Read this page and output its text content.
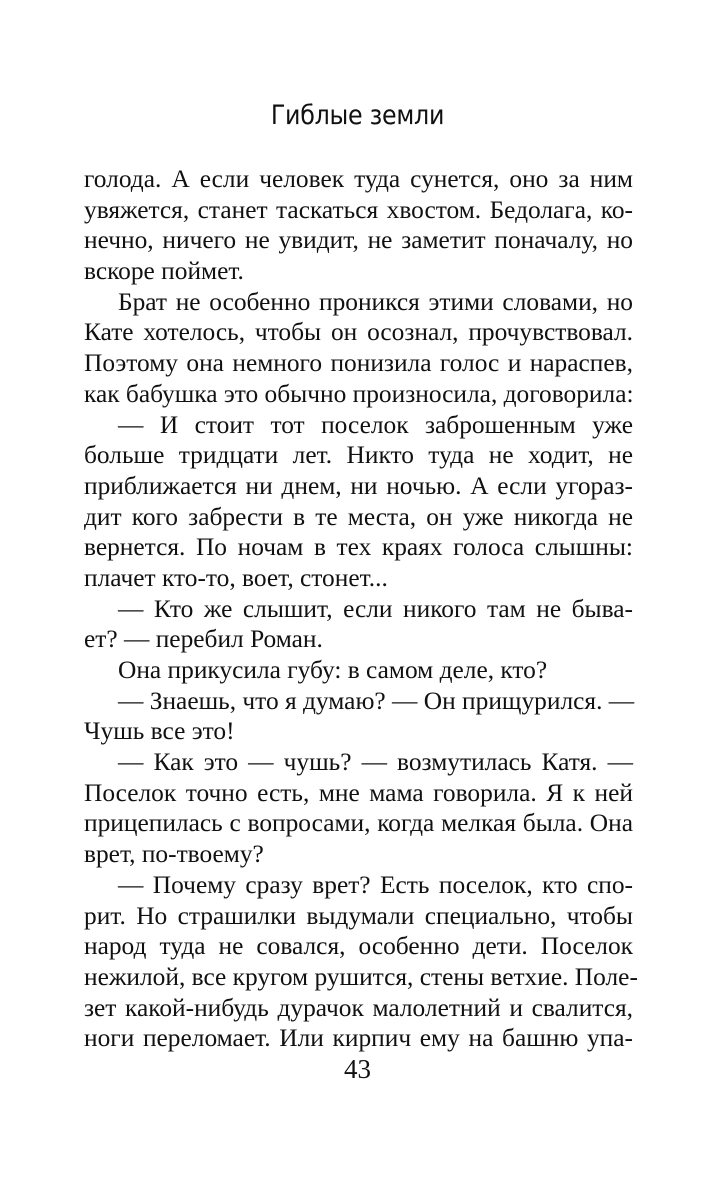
Гиблые земли
голода. А если человек туда сунется, оно за ним
увяжется, станет таскаться хвостом. Бедолага, ко-
нечно, ничего не увидит, не заметит поначалу, но
вскоре поймет.
Брат не особенно проникся этими словами, но
Кате хотелось, чтобы он осознал, прочувствовал.
Поэтому она немного понизила голос и нараспев,
как бабушка это обычно произносила, договорила:
— И стоит тот поселок заброшенным уже
больше тридцати лет. Никто туда не ходит, не
приближается ни днем, ни ночью. А если угораз-
дит кого забрести в те места, он уже никогда не
вернется. По ночам в тех краях голоса слышны:
плачет кто-то, воет, стонет...
— Кто же слышит, если никого там не быва-
ет? — перебил Роман.
Она прикусила губу: в самом деле, кто?
— Знаешь, что я думаю? — Он прищурился. —
Чушь все это!
— Как это — чушь? — возмутилась Катя. —
Поселок точно есть, мне мама говорила. Я к ней
прицепилась с вопросами, когда мелкая была. Она
врет, по-твоему?
— Почему сразу врет? Есть поселок, кто спо-
рит. Но страшилки выдумали специально, чтобы
народ туда не совался, особенно дети. Поселок
нежилой, все кругом рушится, стены ветхие. Поле-
зет какой-нибудь дурачок малолетний и свалится,
ноги переломает. Или кирпич ему на башню упа-
43
